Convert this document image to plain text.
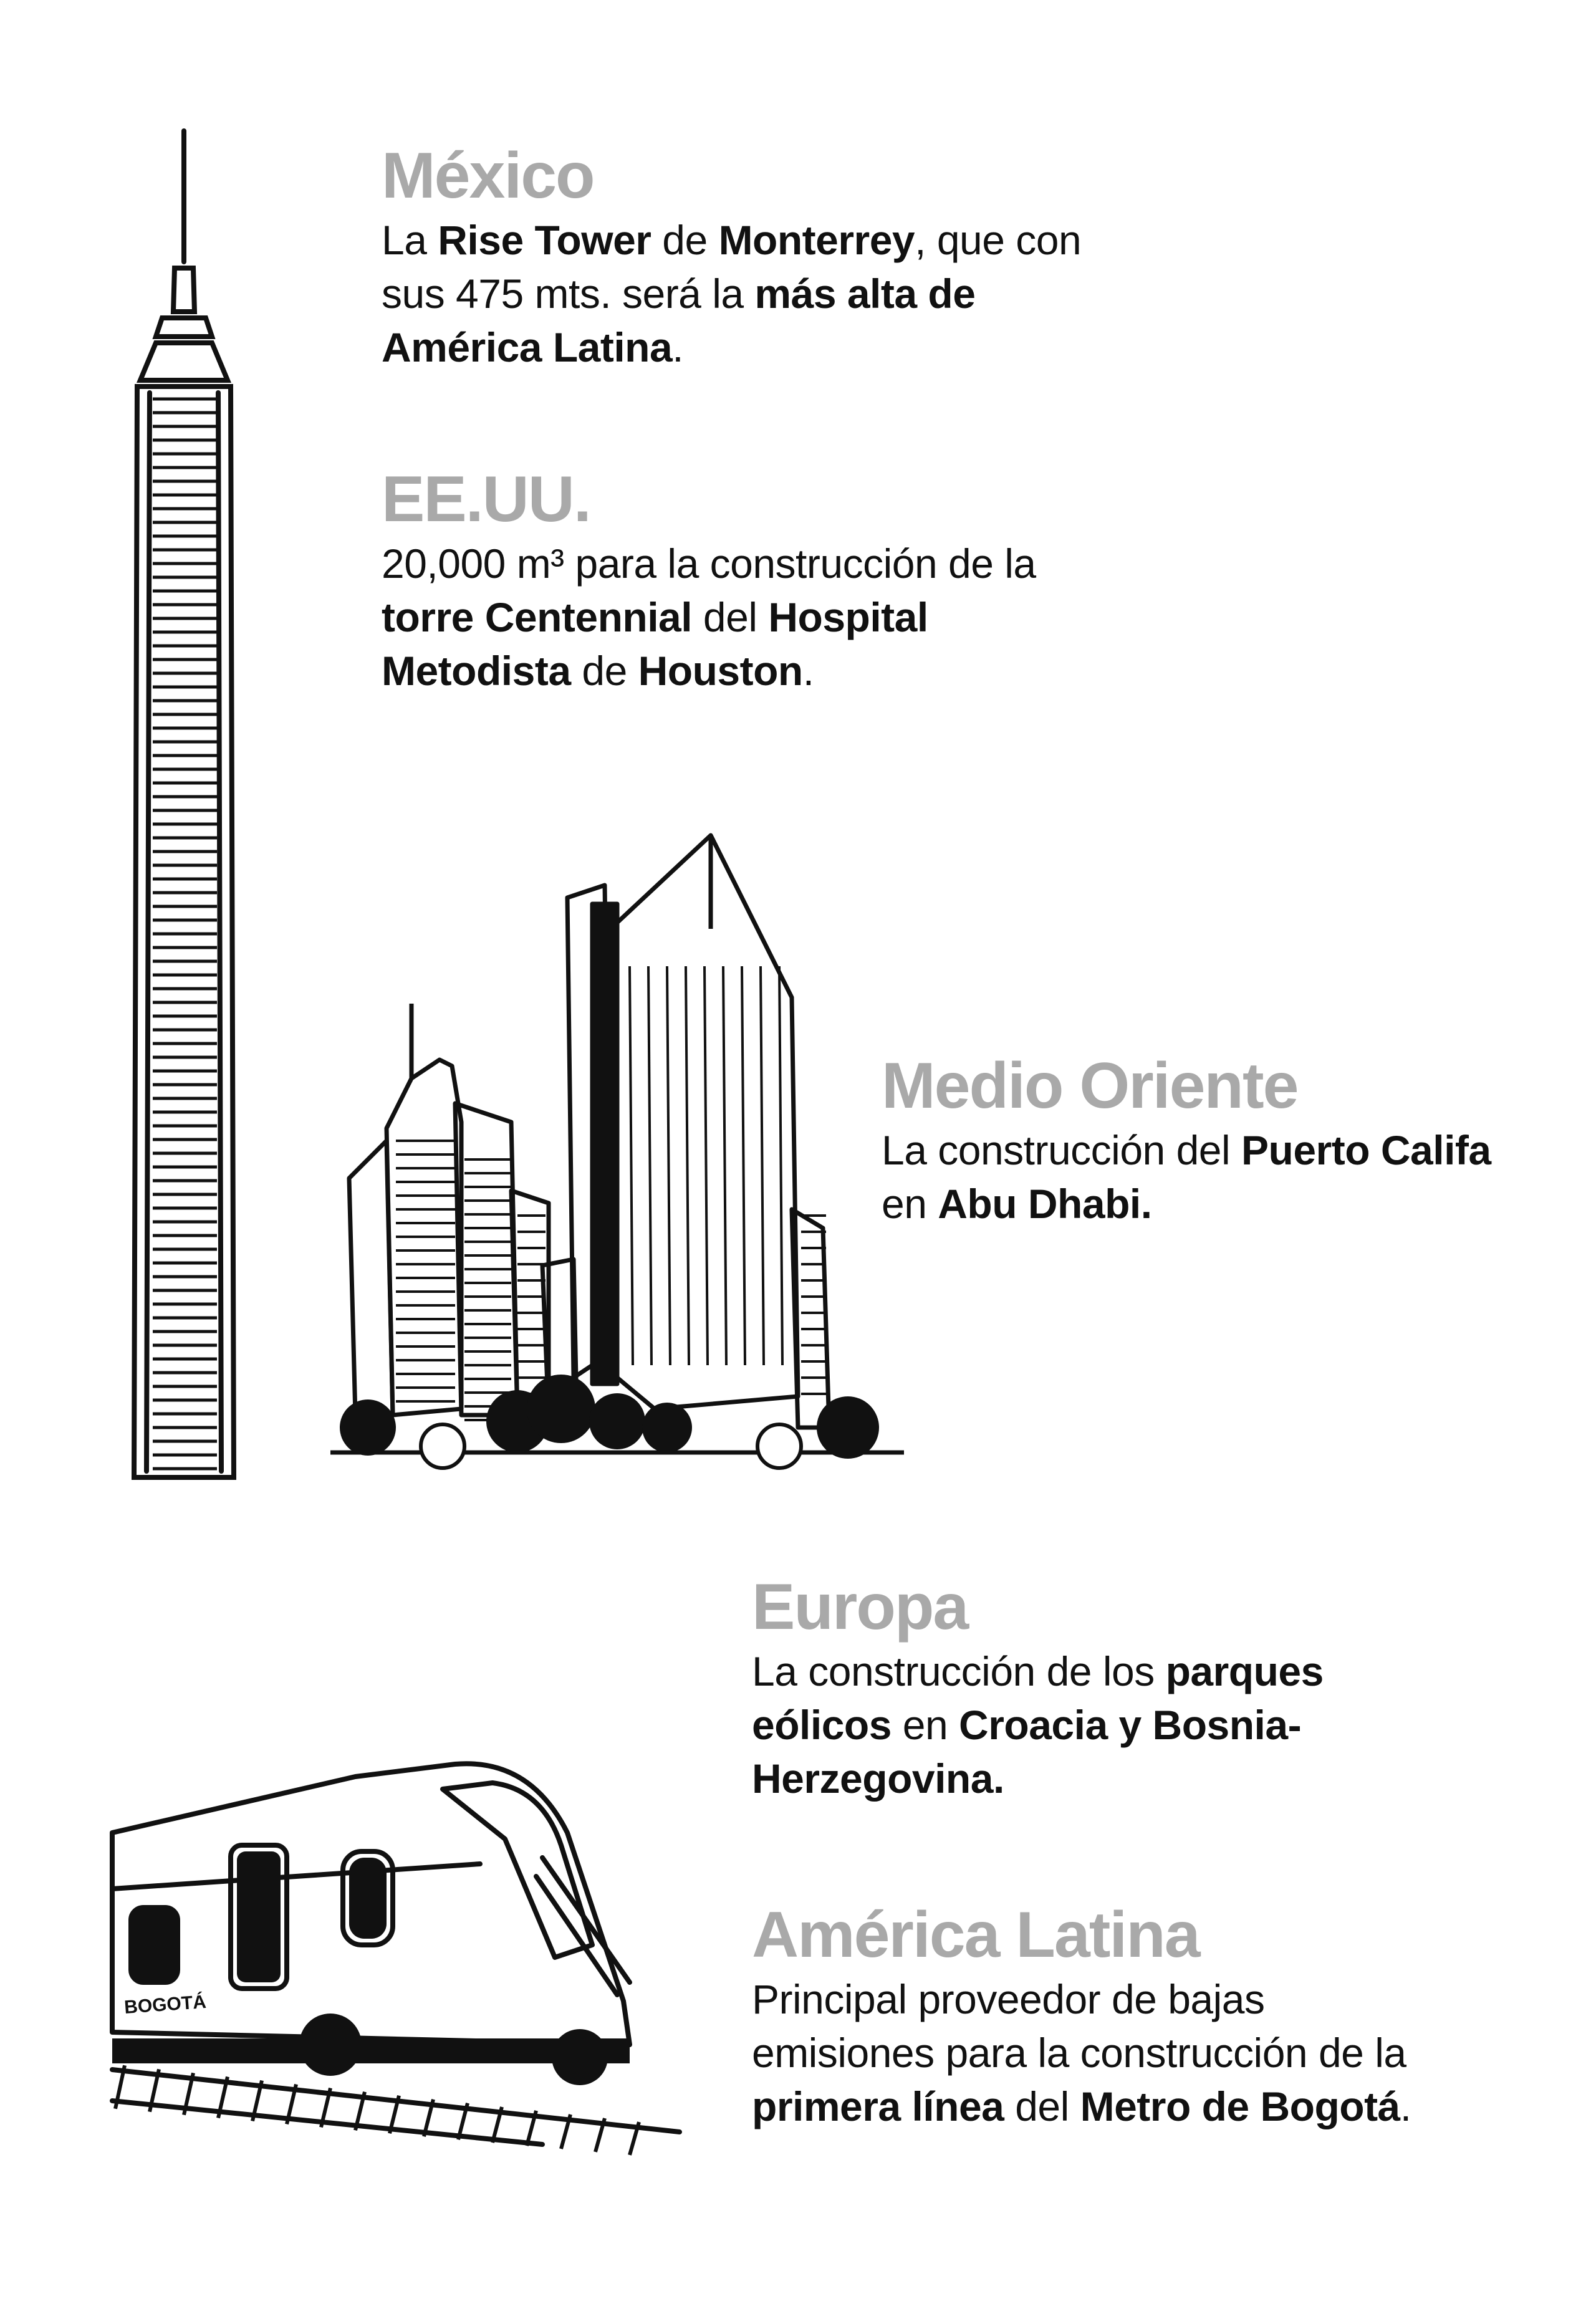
BOGOTÁ
México

La Rise Tower de Monterrey, que con sus 475 mts. será la más alta de América Latina.

EE.UU.

20,000 m³ para la construcción de la torre Centennial del Hospital Metodista de Houston.

Medio Oriente

La construcción del Puerto Califa en Abu Dhabi.

Europa

La construcción de los parques eólicos en Croacia y Bosnia-Herzegovina.

América Latina

Principal proveedor de bajas emisiones para la construcción de la primera línea del Metro de Bogotá.
